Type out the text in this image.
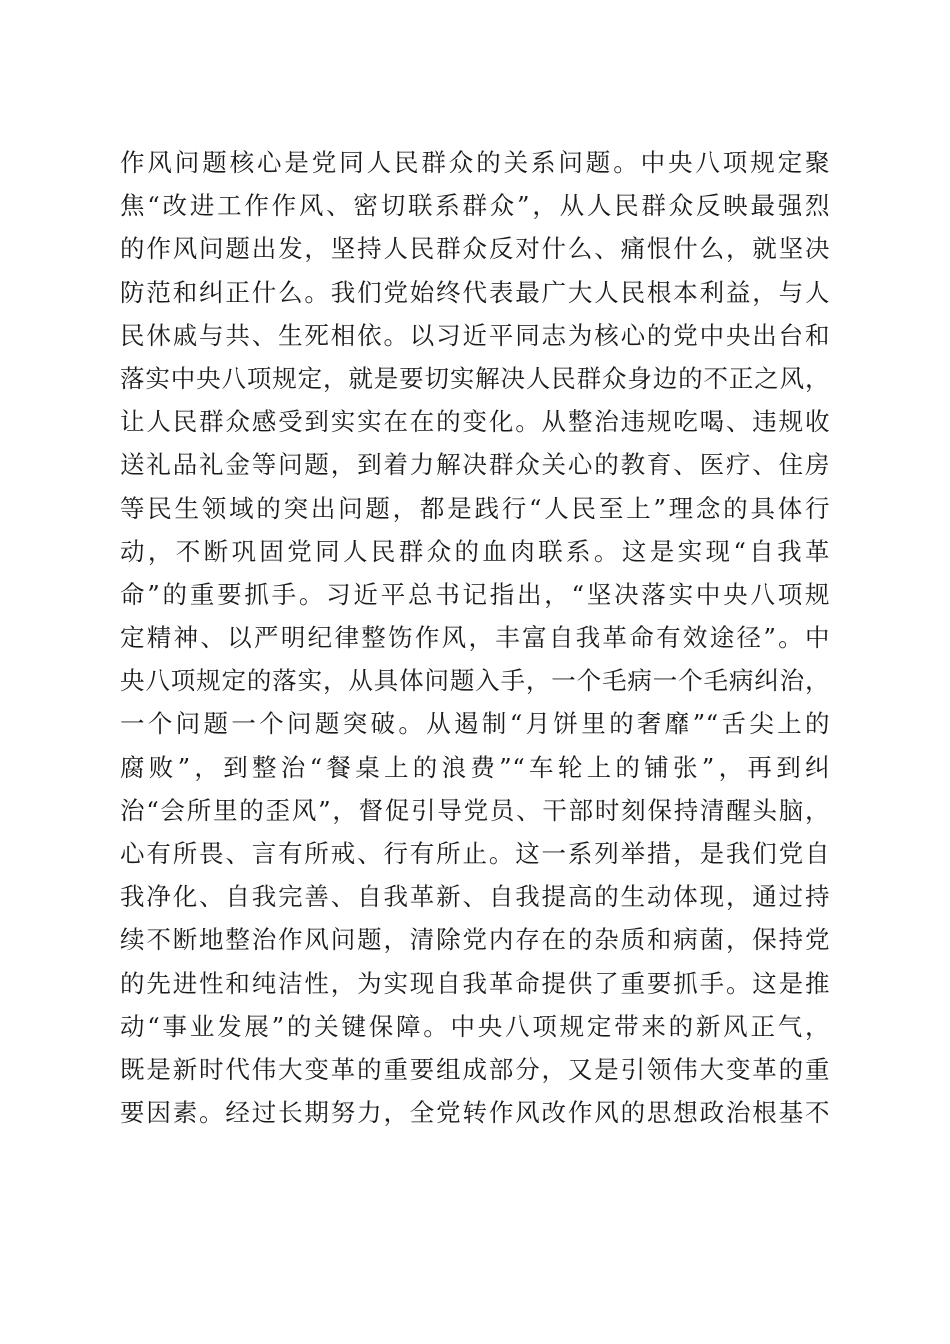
作风问题核心是党同人民群众的关系问题。中央八项规定聚
焦“改进工作作风、密切联系群众”，从人民群众反映最强烈
的作风问题出发，坚持人民群众反对什么、痛恨什么，就坚决
防范和纠正什么。我们党始终代表最广大人民根本利益，与人
民休戚与共、生死相依。以习近平同志为核心的党中央出台和
落实中央八项规定，就是要切实解决人民群众身边的不正之风，
让人民群众感受到实实在在的变化。从整治违规吃喝、违规收
送礼品礼金等问题，到着力解决群众关心的教育、医疗、住房
等民生领域的突出问题，都是践行“人民至上”理念的具体行
动，不断巩固党同人民群众的血肉联系。这是实现“自我革
命”的重要抓手。习近平总书记指出，“坚决落实中央八项规
定精神、以严明纪律整饬作风，丰富自我革命有效途径”。中
央八项规定的落实，从具体问题入手，一个毛病一个毛病纠治，
一个问题一个问题突破。从遏制“月饼里的奢靡”“舌尖上的
腐败”，到整治“餐桌上的浪费”“车轮上的铺张”，再到纠
治“会所里的歪风”，督促引导党员、干部时刻保持清醒头脑，
心有所畏、言有所戒、行有所止。这一系列举措，是我们党自
我净化、自我完善、自我革新、自我提高的生动体现，通过持
续不断地整治作风问题，清除党内存在的杂质和病菌，保持党
的先进性和纯洁性，为实现自我革命提供了重要抓手。这是推
动“事业发展”的关键保障。中央八项规定带来的新风正气，
既是新时代伟大变革的重要组成部分，又是引领伟大变革的重
要因素。经过长期努力，全党转作风改作风的思想政治根基不
